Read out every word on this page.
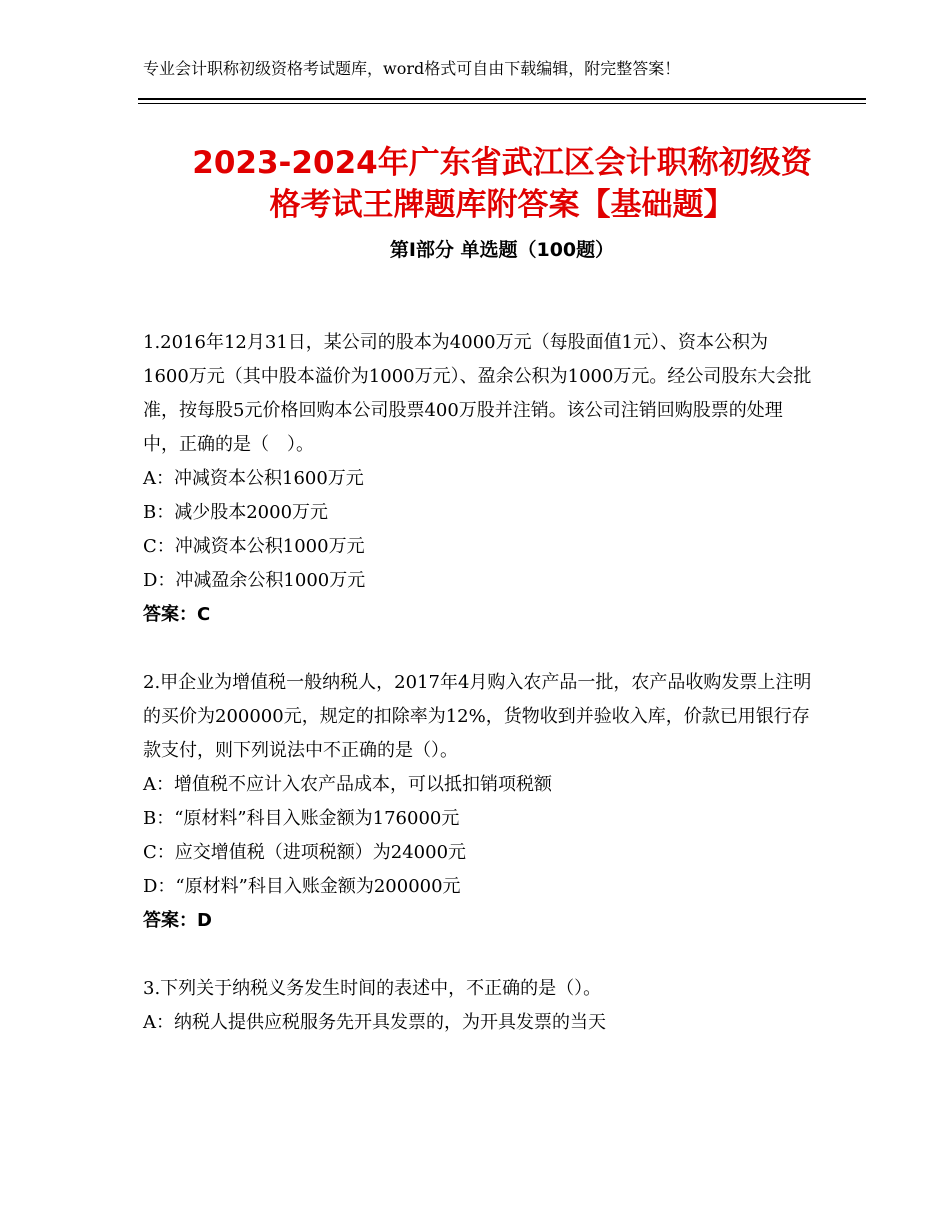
专业会计职称初级资格考试题库，word格式可自由下载编辑，附完整答案！
2023-2024年广东省武江区会计职称初级资
格考试王牌题库附答案【基础题】
第Ⅰ部分 单选题（100题）

1.2016年12月31日，某公司的股本为4000万元（每股面值1元）、资本公积为1600万元（其中股本溢价为1000万元）、盈余公积为1000万元。经公司股东大会批准，按每股5元价格回购本公司股票400万股并注销。该公司注销回购股票的处理中，正确的是（　）。

A：冲减资本公积1600万元

B：减少股本2000万元

C：冲减资本公积1000万元

D：冲减盈余公积1000万元

答案：C

2.甲企业为增值税一般纳税人，2017年4月购入农产品一批，农产品收购发票上注明的买价为200000元，规定的扣除率为12%，货物收到并验收入库，价款已用银行存款支付，则下列说法中不正确的是（）。

A：增值税不应计入农产品成本，可以抵扣销项税额

B：“原材料”科目入账金额为176000元

C：应交增值税（进项税额）为24000元

D：“原材料”科目入账金额为200000元

答案：D

3.下列关于纳税义务发生时间的表述中，不正确的是（）。

A：纳税人提供应税服务先开具发票的，为开具发票的当天
